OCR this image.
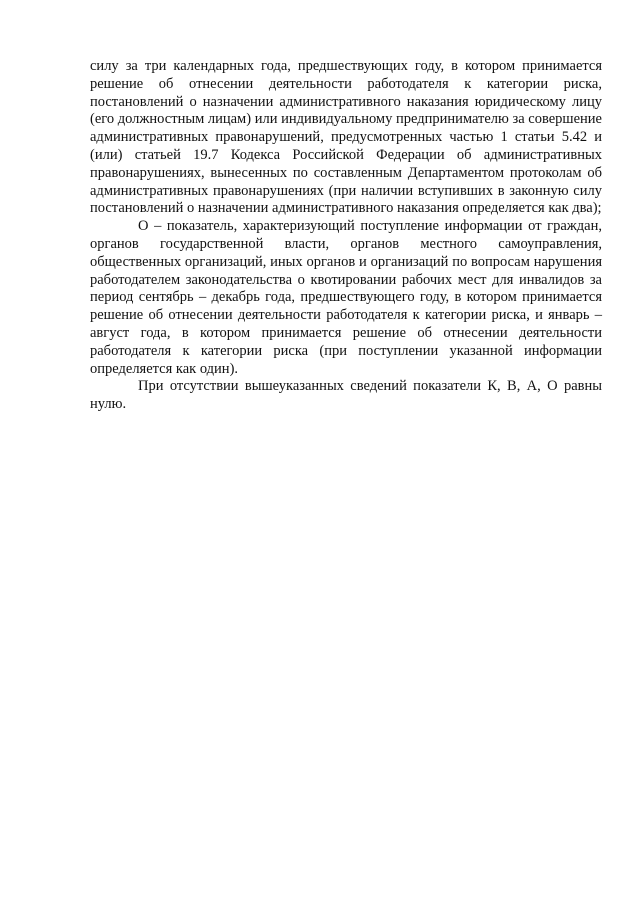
силу за три календарных года, предшествующих году, в котором принимается решение об отнесении деятельности работодателя к категории риска, постановлений о назначении административного наказания юридическому лицу (его должностным лицам) или индивидуальному предпринимателю за совершение административных правонарушений, предусмотренных частью 1 статьи 5.42 и (или) статьей 19.7 Кодекса Российской Федерации об административных правонарушениях, вынесенных по составленным Департаментом протоколам об административных правонарушениях (при наличии вступивших в законную силу постановлений о назначении административного наказания определяется как два);

О – показатель, характеризующий поступление информации от граждан, органов государственной власти, органов местного самоуправления, общественных организаций, иных органов и организаций по вопросам нарушения работодателем законодательства о квотировании рабочих мест для инвалидов за период сентябрь – декабрь года, предшествующего году, в котором принимается решение об отнесении деятельности работодателя к категории риска, и январь – август года, в котором принимается решение об отнесении деятельности работодателя к категории риска (при поступлении указанной информации определяется как один).

При отсутствии вышеуказанных сведений показатели К, В, А, О равны нулю.
